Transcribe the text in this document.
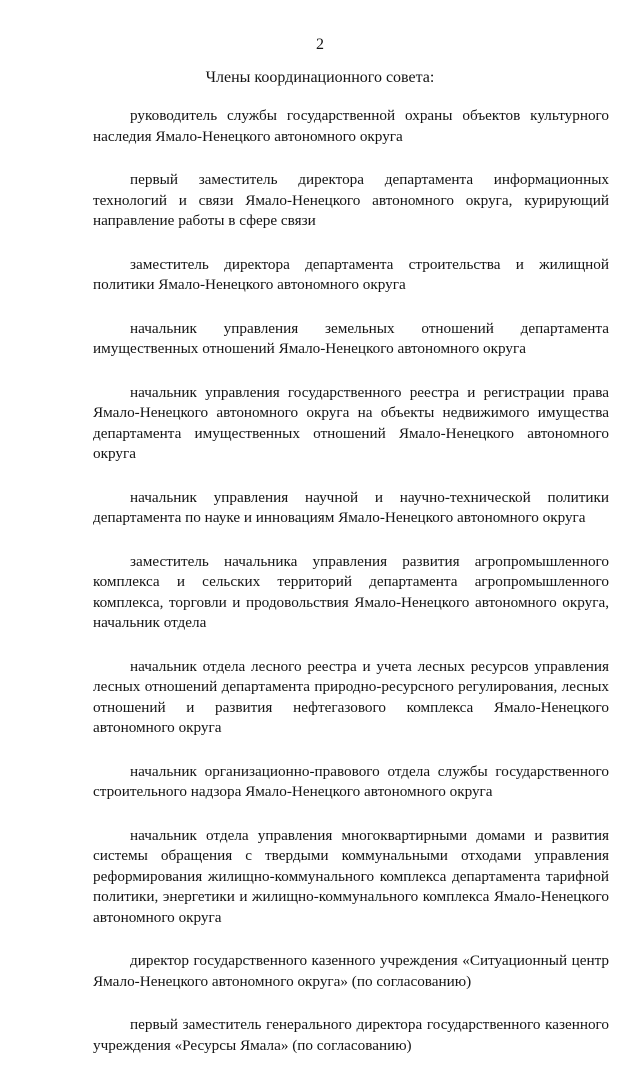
2
Члены координационного совета:
руководитель службы государственной охраны объектов культурного наследия Ямало-Ненецкого автономного округа
первый заместитель директора департамента информационных технологий и связи Ямало-Ненецкого автономного округа, курирующий направление работы в сфере связи
заместитель директора департамента строительства и жилищной политики Ямало-Ненецкого автономного округа
начальник управления земельных отношений департамента имущественных отношений Ямало-Ненецкого автономного округа
начальник управления государственного реестра и регистрации права Ямало-Ненецкого автономного округа на объекты недвижимого имущества департамента имущественных отношений Ямало-Ненецкого автономного округа
начальник управления научной и научно-технической политики департамента по науке и инновациям Ямало-Ненецкого автономного округа
заместитель начальника управления развития агропромышленного комплекса и сельских территорий департамента агропромышленного комплекса, торговли и продовольствия Ямало-Ненецкого автономного округа, начальник отдела
начальник отдела лесного реестра и учета лесных ресурсов управления лесных отношений департамента природно-ресурсного регулирования, лесных отношений и развития нефтегазового комплекса Ямало-Ненецкого автономного округа
начальник организационно-правового отдела службы государственного строительного надзора Ямало-Ненецкого автономного округа
начальник отдела управления многоквартирными домами и развития системы обращения с твердыми коммунальными отходами управления реформирования жилищно-коммунального комплекса департамента тарифной политики, энергетики и жилищно-коммунального комплекса Ямало-Ненецкого автономного округа
директор государственного казенного учреждения «Ситуационный центр Ямало-Ненецкого автономного округа» (по согласованию)
первый заместитель генерального директора государственного казенного учреждения «Ресурсы Ямала» (по согласованию)
